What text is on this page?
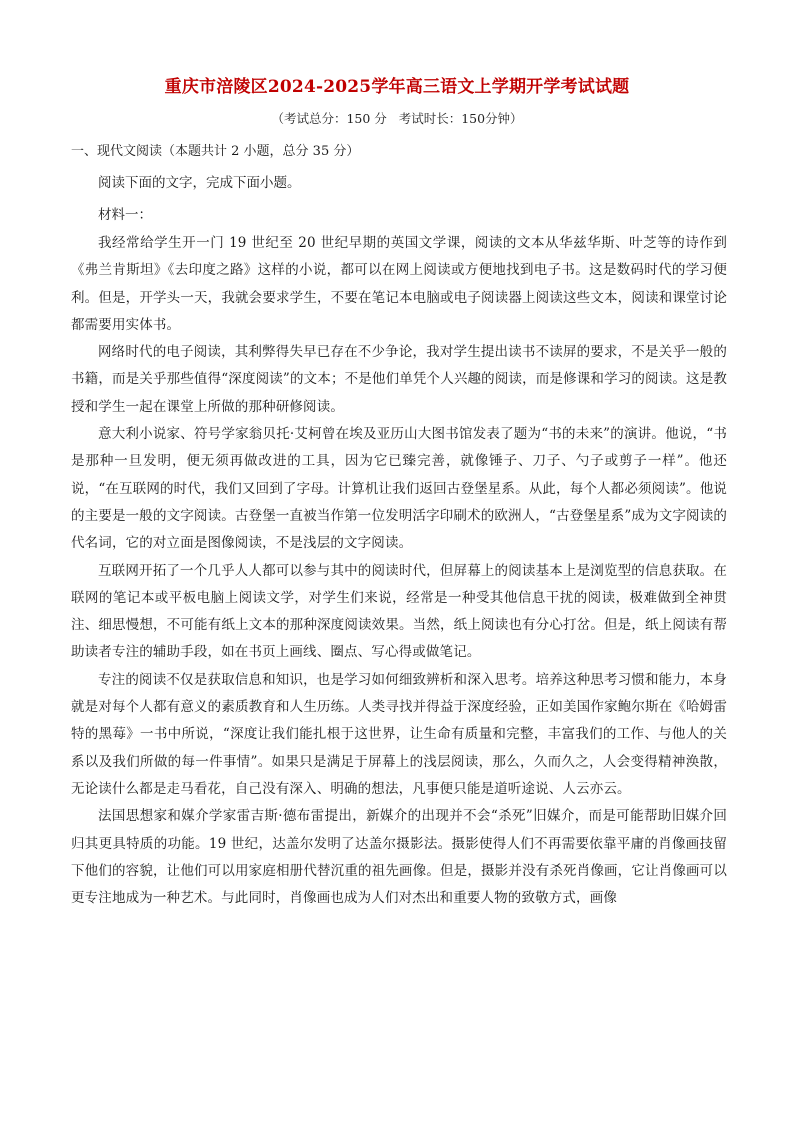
重庆市涪陵区2024-2025学年高三语文上学期开学考试试题
（考试总分：150 分   考试时长：150分钟）
一、现代文阅读（本题共计 2 小题，总分 35 分）
阅读下面的文字，完成下面小题。
材料一：

我经常给学生开一门 19 世纪至 20 世纪早期的英国文学课，阅读的文本从华兹华斯、叶芝等的诗作到《弗兰肯斯坦》《去印度之路》这样的小说，都可以在网上阅读或方便地找到电子书。这是数码时代的学习便利。但是，开学头一天，我就会要求学生，不要在笔记本电脑或电子阅读器上阅读这些文本，阅读和课堂讨论都需要用实体书。

网络时代的电子阅读，其利弊得失早已存在不少争论，我对学生提出读书不读屏的要求，不是关乎一般的书籍，而是关乎那些值得“深度阅读”的文本；不是他们单凭个人兴趣的阅读，而是修课和学习的阅读。这是教授和学生一起在课堂上所做的那种研修阅读。

意大利小说家、符号学家翁贝托·艾柯曾在埃及亚历山大图书馆发表了题为“书的未来”的演讲。他说，“书是那种一旦发明，便无须再做改进的工具，因为它已臻完善，就像锤子、刀子、勺子或剪子一样”。他还说，“在互联网的时代，我们又回到了字母。计算机让我们返回古登堡星系。从此，每个人都必须阅读”。他说的主要是一般的文字阅读。古登堡一直被当作第一位发明活字印刷术的欧洲人，“古登堡星系”成为文字阅读的代名词，它的对立面是图像阅读，不是浅层的文字阅读。

互联网开拓了一个几乎人人都可以参与其中的阅读时代，但屏幕上的阅读基本上是浏览型的信息获取。在联网的笔记本或平板电脑上阅读文学，对学生们来说，经常是一种受其他信息干扰的阅读，极难做到全神贯注、细思慢想，不可能有纸上文本的那种深度阅读效果。当然，纸上阅读也有分心打岔。但是，纸上阅读有帮助读者专注的辅助手段，如在书页上画线、圈点、写心得或做笔记。

专注的阅读不仅是获取信息和知识，也是学习如何细致辨析和深入思考。培养这种思考习惯和能力，本身就是对每个人都有意义的素质教育和人生历练。人类寻找并得益于深度经验，正如美国作家鲍尔斯在《哈姆雷特的黑莓》一书中所说，“深度让我们能扎根于这世界，让生命有质量和完整，丰富我们的工作、与他人的关系以及我们所做的每一件事情”。如果只是满足于屏幕上的浅层阅读，那么，久而久之，人会变得精神涣散，无论读什么都是走马看花，自己没有深入、明确的想法，凡事便只能是道听途说、人云亦云。

法国思想家和媒介学家雷吉斯·德布雷提出，新媒介的出现并不会“杀死”旧媒介，而是可能帮助旧媒介回归其更具特质的功能。19 世纪，达盖尔发明了达盖尔摄影法。摄影使得人们不再需要依靠平庸的肖像画技留下他们的容貌，让他们可以用家庭相册代替沉重的祖先画像。但是，摄影并没有杀死肖像画，它让肖像画可以更专注地成为一种艺术。与此同时，肖像画也成为人们对杰出和重要人物的致敬方式，画像
